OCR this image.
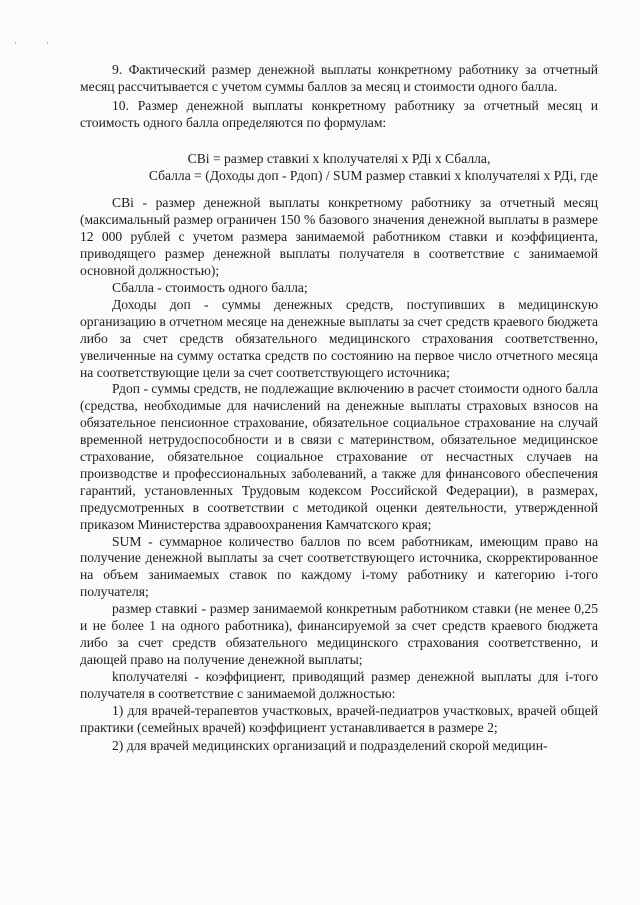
·	·

9. Фактический размер денежной выплаты конкретному работнику за отчетный месяц рассчитывается с учетом суммы баллов за месяц и стоимости одного балла.

10. Размер денежной выплаты конкретному работнику за отчетный месяц и стоимость одного балла определяются по формулам:

СВi = размер ставкиi x kполучателяi x РДi x Сбалла,

Сбалла = (Доходы доп - Рдоп) / SUM размер ставкиi x kполучателяi x РДi, где

СВi - размер денежной выплаты конкретному работнику за отчетный месяц (максимальный размер ограничен 150 % базового значения денежной выплаты в размере 12 000 рублей с учетом размера занимаемой работником ставки и коэффициента, приводящего размер денежной выплаты получателя в соответствие с занимаемой основной должностью);

Сбалла - стоимость одного балла;

Доходы доп - суммы денежных средств, поступивших в медицинскую организацию в отчетном месяце на денежные выплаты за счет средств краевого бюджета либо за счет средств обязательного медицинского страхования соответственно, увеличенные на сумму остатка средств по состоянию на первое число отчетного месяца на соответствующие цели за счет соответствующего источника;

Рдоп - суммы средств, не подлежащие включению в расчет стоимости одного балла (средства, необходимые для начислений на денежные выплаты страховых взносов на обязательное пенсионное страхование, обязательное социальное страхование на случай временной нетрудоспособности и в связи с материнством, обязательное медицинское страхование, обязательное социальное страхование от несчастных случаев на производстве и профессиональных заболеваний, а также для финансового обеспечения гарантий, установленных Трудовым кодексом Российской Федерации), в размерах, предусмотренных в соответствии с методикой оценки деятельности, утвержденной приказом Министерства здравоохранения Камчатского края;

SUM - суммарное количество баллов по всем работникам, имеющим право на получение денежной выплаты за счет соответствующего источника, скорректированное на объем занимаемых ставок по каждому i-тому работнику и категорию i-того получателя;

размер ставкиi - размер занимаемой конкретным работником ставки (не менее 0,25 и не более 1 на одного работника), финансируемой за счет средств краевого бюджета либо за счет средств обязательного медицинского страхования соответственно, и дающей право на получение денежной выплаты;

kполучателяi - коэффициент, приводящий размер денежной выплаты для i-того получателя в соответствие с занимаемой должностью:

1) для врачей-терапевтов участковых, врачей-педиатров участковых, врачей общей практики (семейных врачей) коэффициент устанавливается в размере 2;

2) для врачей медицинских организаций и подразделений скорой медицин-
